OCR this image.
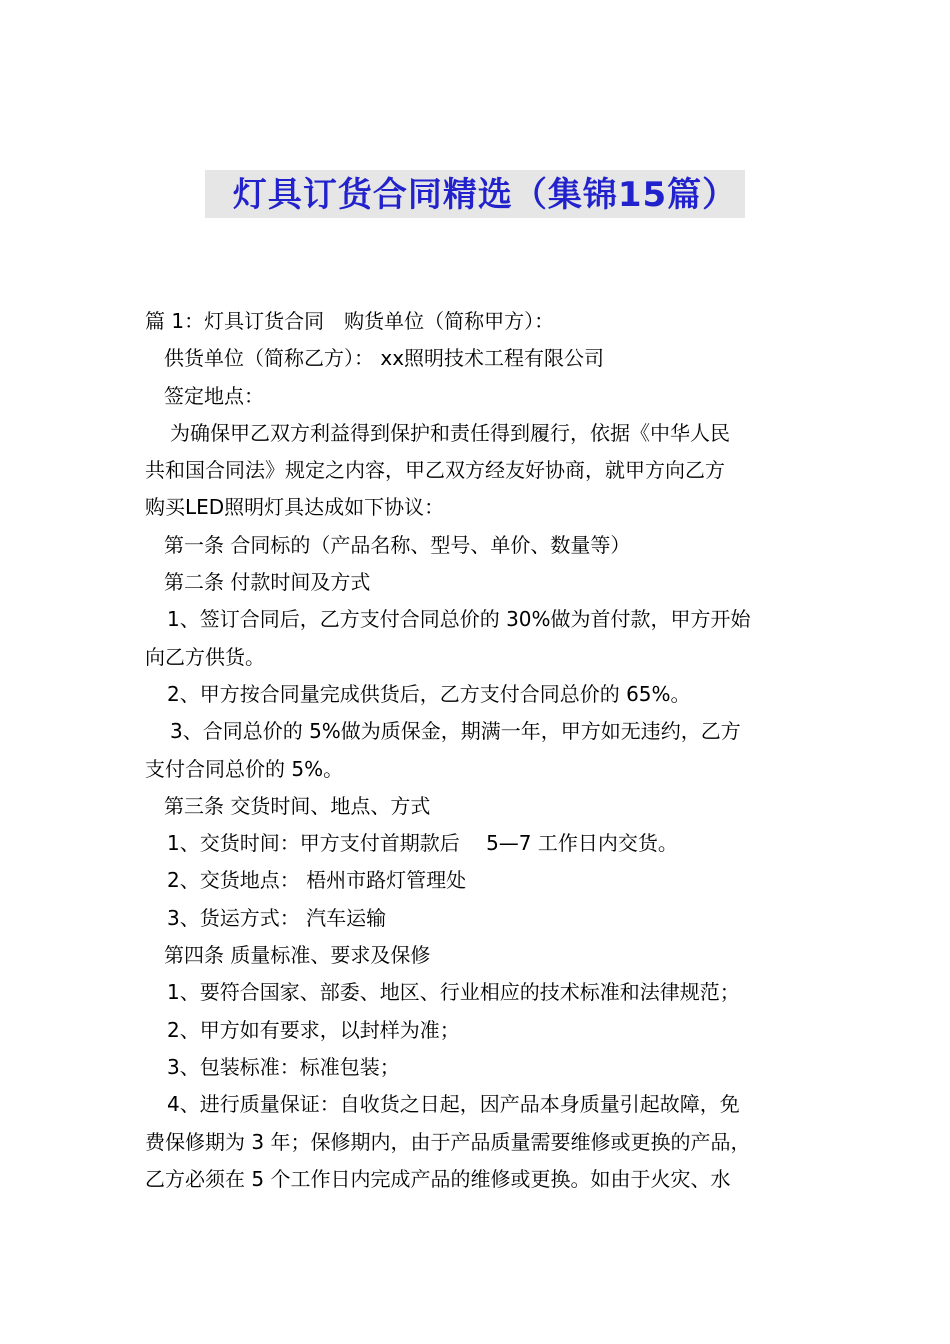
灯具订货合同精选（集锦15篇）
篇 1：灯具订货合同　购货单位（简称甲方）：
供货单位（简称乙方）： xx照明技术工程有限公司
签定地点：
为确保甲乙双方利益得到保护和责任得到履行，依据《中华人民
共和国合同法》规定之内容，甲乙双方经友好协商，就甲方向乙方
购买LED照明灯具达成如下协议：
第一条 合同标的（产品名称、型号、单价、数量等）
第二条 付款时间及方式
1、签订合同后，乙方支付合同总价的 30%做为首付款，甲方开始
向乙方供货。
2、甲方按合同量完成供货后，乙方支付合同总价的 65%。
3、合同总价的 5%做为质保金，期满一年，甲方如无违约，乙方
支付合同总价的 5%。
第三条 交货时间、地点、方式
1、交货时间：甲方支付首期款后　 5—7 工作日内交货。
2、交货地点： 梧州市路灯管理处
3、货运方式： 汽车运输
第四条 质量标准、要求及保修
1、要符合国家、部委、地区、行业相应的技术标准和法律规范；
2、甲方如有要求，以封样为准；
3、包装标准：标准包装；
4、进行质量保证：自收货之日起，因产品本身质量引起故障，免
费保修期为 3 年；保修期内，由于产品质量需要维修或更换的产品，
乙方必须在 5 个工作日内完成产品的维修或更换。如由于火灾、水
